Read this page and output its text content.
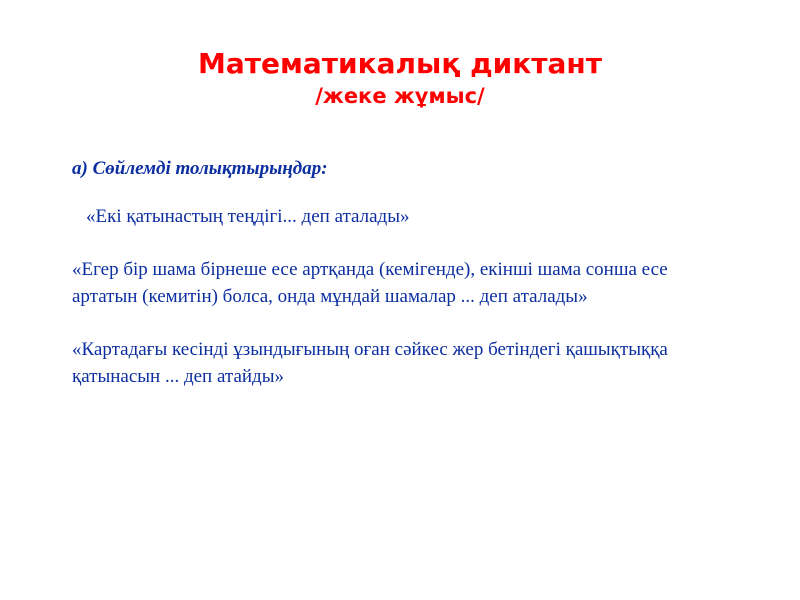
Математикалық диктант
/жеке жұмыс/

а) Сөйлемді толықтырыңдар:

«Екі қатынастың теңдігі... деп аталады»

«Егер бір шама бірнеше есе артқанда (кемігенде), екінші шама сонша есе артатын (кемитін) болса, онда мұндай шамалар ... деп аталады»

«Картадағы кесінді ұзындығының оған сәйкес жер бетіндегі қашықтыққа қатынасын ... деп атайды»
